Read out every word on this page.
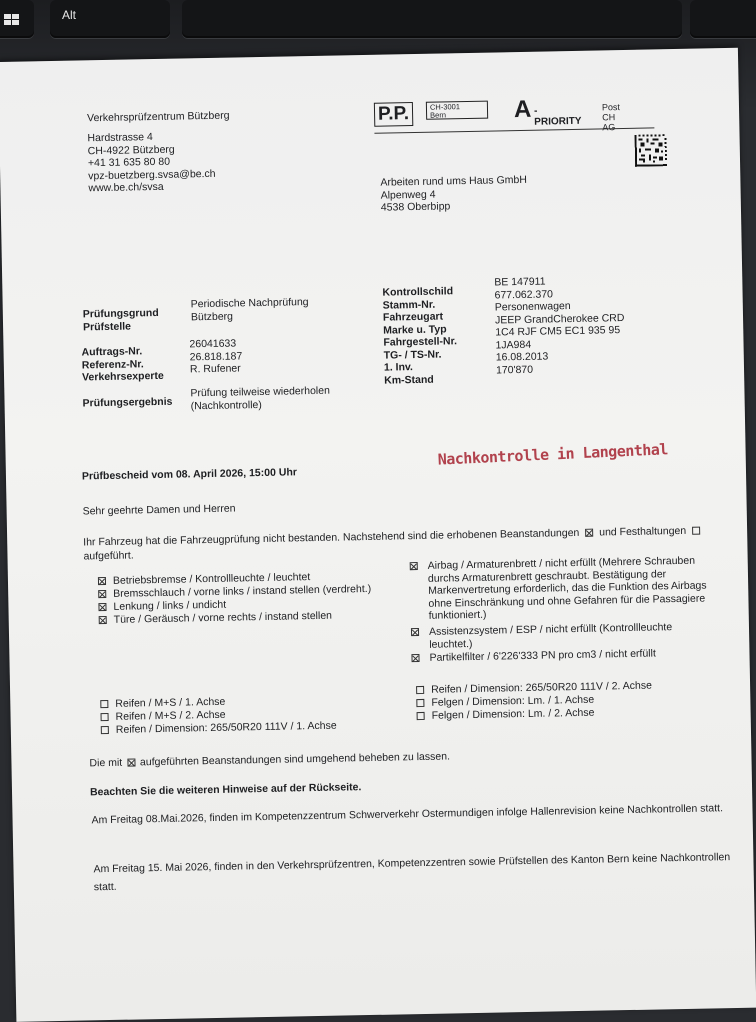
Alt
Verkehrsprüfzentrum Bützberg
Hardstrasse 4
CH-4922 Bützberg
+41 31 635 80 80
vpz-buetzberg.svsa@be.ch
www.be.ch/svsa
P.P.	CH-3001
Bern	A -PRIORITY
Post CH AG
Arbeiten rund ums Haus GmbH
Alpenweg 4
4538 Oberbipp
Prüfungsgrund
Prüfstelle
Periodische Nachprüfung
Bützberg
Auftrags-Nr.
Referenz-Nr.
Verkehrsexperte
26041633
26.818.187
R. Rufener
Prüfungsergebnis
Prüfung teilweise wiederholen
(Nachkontrolle)
Kontrollschild
Stamm-Nr.
Fahrzeugart
Marke u. Typ
Fahrgestell-Nr.
TG- / TS-Nr.
1. Inv.
Km-Stand
BE 147911
677.062.370
Personenwagen
JEEP GrandCherokee CRD
1C4 RJF CM5 EC1 935 95
1JA984
16.08.2013
170'870
Nachkontrolle in Langenthal
Prüfbescheid vom 08. April 2026, 15:00 Uhr
Sehr geehrte Damen und Herren
Ihr Fahrzeug hat die Fahrzeugprüfung nicht bestanden. Nachstehend sind die erhobenen Beanstandungen und Festhaltungen
aufgeführt.
Betriebsbremse / Kontrollleuchte / leuchtet
Bremsschlauch / vorne links / instand stellen (verdreht.)
Lenkung / links / undicht
Türe / Geräusch / vorne rechts / instand stellen
Airbag / Armaturenbrett / nicht erfüllt (Mehrere Schrauben durchs Armaturenbrett geschraubt. Bestätigung der Markenvertretung erforderlich, das die Funktion des Airbags ohne Einschränkung und ohne Gefahren für die Passagiere funktioniert.)
Assistenzsystem / ESP / nicht erfüllt (Kontrollleuchte leuchtet.)
Partikelfilter / 6'226'333 PN pro cm3 / nicht erfüllt
Reifen / M+S / 1. Achse
Reifen / M+S / 2. Achse
Reifen / Dimension: 265/50R20 111V / 1. Achse
Reifen / Dimension: 265/50R20 111V / 2. Achse
Felgen / Dimension: Lm. / 1. Achse
Felgen / Dimension: Lm. / 2. Achse
Die mit aufgeführten Beanstandungen sind umgehend beheben zu lassen.
Beachten Sie die weiteren Hinweise auf der Rückseite.
Am Freitag 08.Mai.2026, finden im Kompetenzzentrum Schwerverkehr Ostermundigen infolge Hallenrevision keine Nachkontrollen statt.
Am Freitag 15. Mai 2026, finden in den Verkehrsprüfzentren, Kompetenzzentren sowie Prüfstellen des Kanton Bern keine Nachkontrollen statt.
